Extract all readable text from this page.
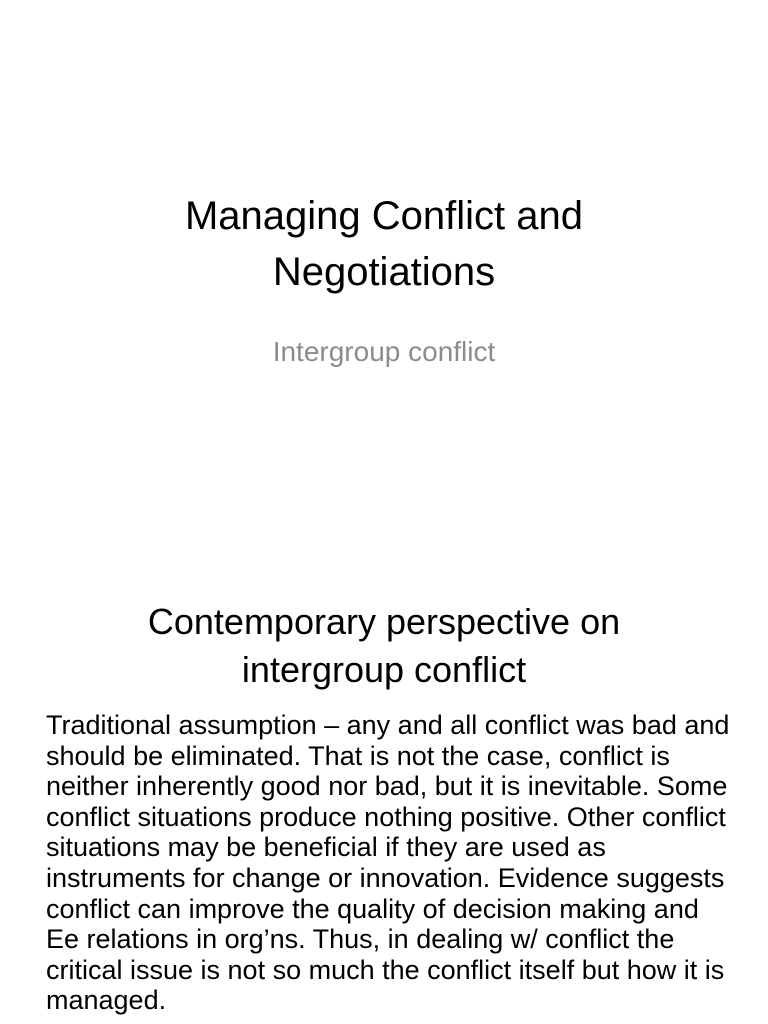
Managing Conflict and
Negotiations
Intergroup conflict
Contemporary perspective on
intergroup conflict
Traditional assumption – any and all conflict was bad and should be eliminated. That is not the case, conflict is neither inherently good nor bad, but it is inevitable. Some conflict situations produce nothing positive. Other conflict situations may be beneficial if they are used as instruments for change or innovation. Evidence suggests conflict can improve the quality of decision making and Ee relations in org’ns. Thus, in dealing w/ conflict the critical issue is not so much the conflict itself but how it is managed.
